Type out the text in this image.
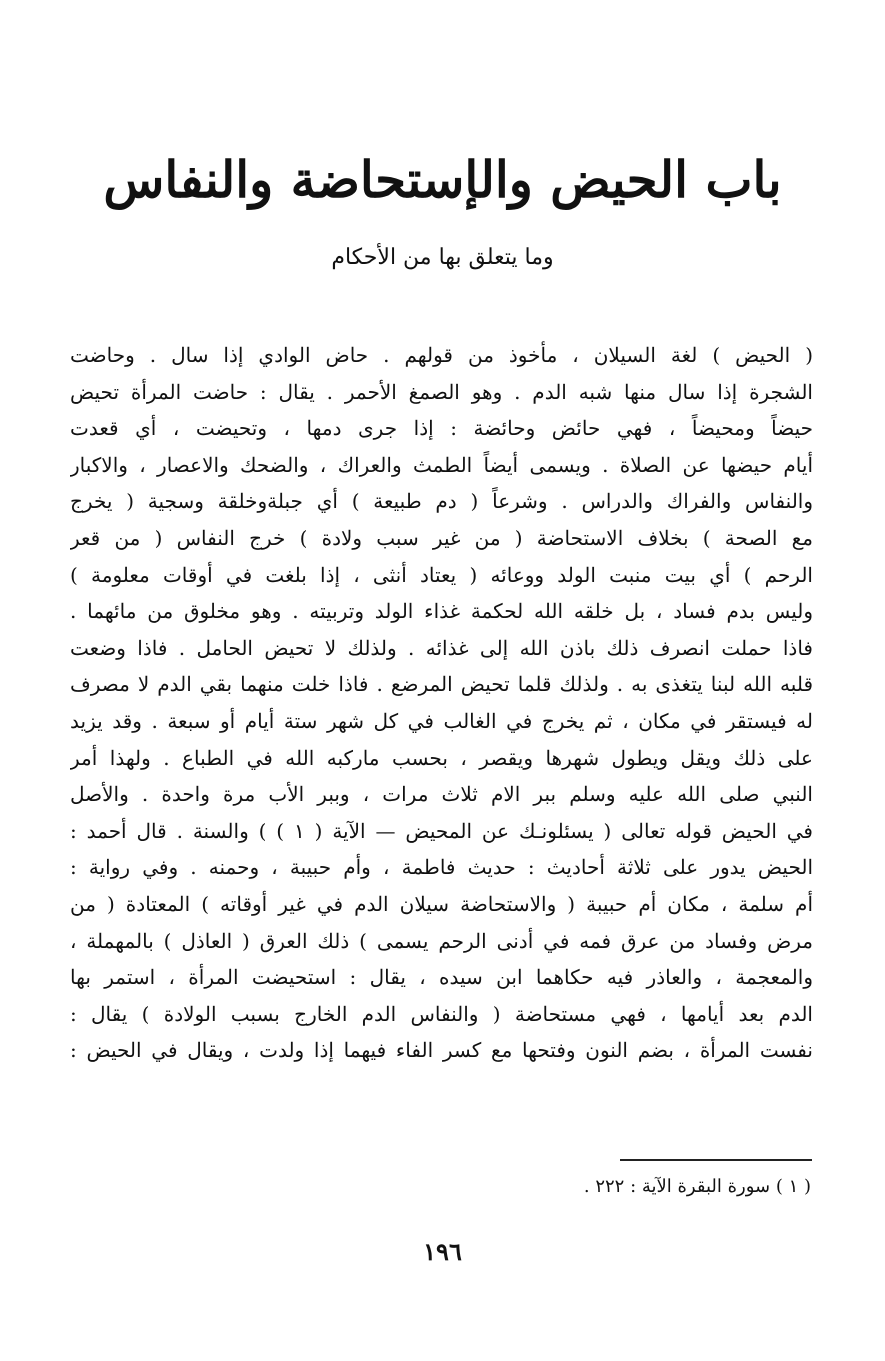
باب الحيض والإستحاضة والنفاس
وما يتعلق بها من الأحكام
( الحيض ) لغة السيلان ، مأخوذ من قولهم . حاض الوادي إذا سال . وحاضت
الشجرة إذا سال منها شبه الدم . وهو الصمغ الأحمر . يقال : حاضت المرأة تحيض
حيضاً ومحيضاً ، فهي حائض وحائضة : إذا جرى دمها ، وتحيضت ، أي قعدت
أيام حيضها عن الصلاة . ويسمى أيضاً الطمث والعراك ، والضحك والاعصار ، والاكبار
والنفاس والفراك والدراس . وشرعاً ( دم طبيعة ) أي جبلةوخلقة وسجية ( يخرج
مع الصحة ) بخلاف الاستحاضة ( من غير سبب ولادة ) خرج النفاس ( من قعر
الرحم ) أي بيت منبت الولد ووعائه ( يعتاد أنثى ، إذا بلغت في أوقات معلومة )
وليس بدم فساد ، بل خلقه الله لحكمة غذاء الولد وتربيته . وهو مخلوق من مائهما .
فاذا حملت انصرف ذلك باذن الله إلى غذائه . ولذلك لا تحيض الحامل . فاذا وضعت
قلبه الله لبنا يتغذى به . ولذلك قلما تحيض المرضع . فاذا خلت منهما بقي الدم لا مصرف
له فيستقر في مكان ، ثم يخرج في الغالب في كل شهر ستة أيام أو سبعة . وقد يزيد
على ذلك ويقل ويطول شهرها ويقصر ، بحسب ماركبه الله في الطباع . ولهذا أمر
النبي صلى الله عليه وسلم ببر الام ثلاث مرات ، وببر الأب مرة واحدة . والأصل
في الحيض قوله تعالى ( يسئلونـك عن المحيض — الآية ( ١ ) ) والسنة . قال أحمد :
الحيض يدور على ثلاثة أحاديث : حديث فاطمة ، وأم حبيبة ، وحمنه . وفي رواية :
أم سلمة ، مكان أم حبيبة ( والاستحاضة سيلان الدم في غير أوقاته ) المعتادة ( من
مرض وفساد من عرق فمه في أدنى الرحم يسمى ) ذلك العرق ( العاذل ) بالمهملة ،
والمعجمة ، والعاذر فيه حكاهما ابن سيده ، يقال : استحيضت المرأة ، استمر بها
الدم بعد أيامها ، فهي مستحاضة ( والنفاس الدم الخارج بسبب الولادة ) يقال :
نفست المرأة ، بضم النون وفتحها مع كسر الفاء فيهما إذا ولدت ، ويقال في الحيض :
( ١ ) سورة البقرة الآية : ٢٢٢ .
١٩٦
